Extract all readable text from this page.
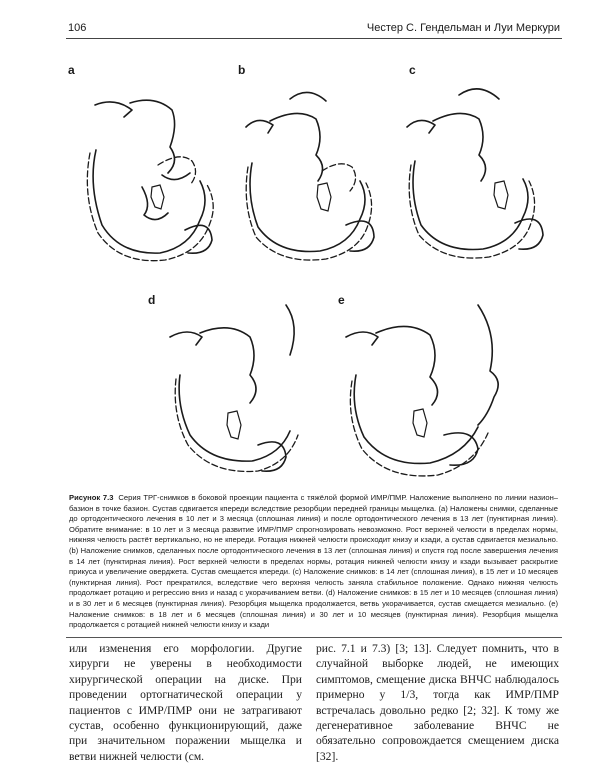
106	Честер С. Гендельман и Луи Меркури
a	b	c
d	e
Рисунок 7.3 Серия ТРГ-снимков в боковой проекции пациента с тяжёлой формой ИМР/ПМР. Наложение выполнено по линии назион–базион в точке базион. Сустав сдвигается кпереди вследствие резорбции передней границы мыщелка. (a) Наложены снимки, сделанные до ортодонтического лечения в 10 лет и 3 месяца (сплошная линия) и после ортодонтического лечения в 13 лет (пунктирная линия). Обратите внимание: в 10 лет и 3 месяца развитие ИМР/ПМР спрогнозировать невозможно. Рост верхней челюсти в пределах нормы, нижняя челюсть растёт вертикально, но не кпереди. Ротация нижней челюсти происходит книзу и кзади, а сустав сдвигается мезиально. (b) Наложение снимков, сделанных после ортодонтического лечения в 13 лет (сплошная линия) и спустя год после завершения лечения в 14 лет (пунктирная линия). Рост верхней челюсти в пределах нормы, ротация нижней челюсти книзу и кзади вызывает раскрытие прикуса и увеличение оверджета. Сустав смещается кпереди. (c) Наложение снимков: в 14 лет (сплошная линия), в 15 лет и 10 месяцев (пунктирная линия). Рост прекратился, вследствие чего верхняя челюсть заняла стабильное положение. Однако нижняя челюсть продолжает ротацию и регрессию вниз и назад с укорачиванием ветви. (d) Наложение снимков: в 15 лет и 10 месяцев (сплошная линия) и в 30 лет и 6 месяцев (пунктирная линия). Резорбция мыщелка продолжается, ветвь укорачивается, сустав смещается мезиально. (e) Наложение снимков: в 18 лет и 6 месяцев (сплошная линия) и 30 лет и 10 месяцев (пунктирная линия). Резорбция мыщелка продолжается с ротацией нижней челюсти книзу и кзади
или изменения его морфологии. Другие хирурги не уверены в необходимости хирургической операции на диске. При проведении ортогнатической операции у пациентов с ИМР/ПМР они не затрагивают сустав, особенно функционирующий, даже при значительном поражении мыщелка и ветви нижней челюсти (см.
рис. 7.1 и 7.3) [3; 13]. Следует помнить, что в случайной выборке людей, не имеющих симптомов, смещение диска ВНЧС наблюдалось примерно у 1/3, тогда как ИМР/ПМР встречалась довольно редко [2; 32]. К тому же дегенеративное заболевание ВНЧС не обязательно сопровождается смещением диска [32].
